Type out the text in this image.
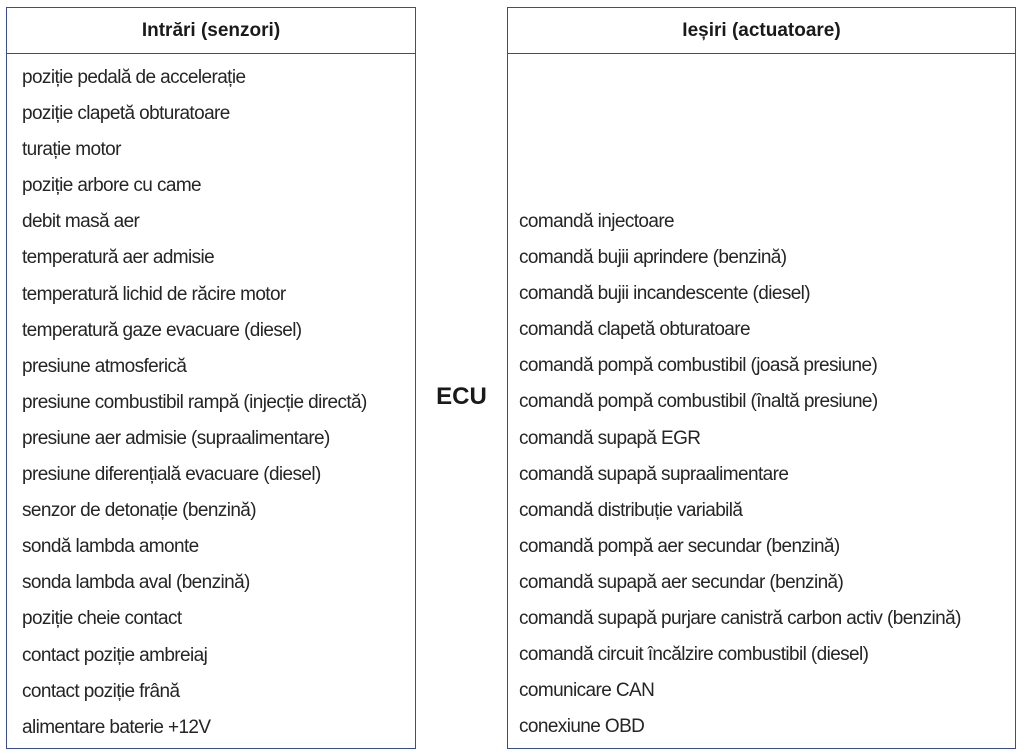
Intrări (senzori)
poziție pedală de accelerație
poziție clapetă obturatoare
turație motor
poziție arbore cu came
debit masă aer
temperatură aer admisie
temperatură lichid de răcire motor
temperatură gaze evacuare (diesel)
presiune atmosferică
presiune combustibil rampă (injecție directă)
presiune aer admisie (supraalimentare)
presiune diferențială evacuare (diesel)
senzor de detonație (benzină)
sondă lambda amonte
sonda lambda aval (benzină)
poziție cheie contact
contact poziție ambreiaj
contact poziție frână
alimentare baterie +12V
ECU
Ieșiri (actuatoare)
comandă injectoare
comandă bujii aprindere (benzină)
comandă bujii incandescente (diesel)
comandă clapetă obturatoare
comandă pompă combustibil (joasă presiune)
comandă pompă combustibil (înaltă presiune)
comandă supapă EGR
comandă supapă supraalimentare
comandă distribuție variabilă
comandă pompă aer secundar (benzină)
comandă supapă aer secundar (benzină)
comandă supapă purjare canistră carbon activ (benzină)
comandă circuit încălzire combustibil (diesel)
comunicare CAN
conexiune OBD
